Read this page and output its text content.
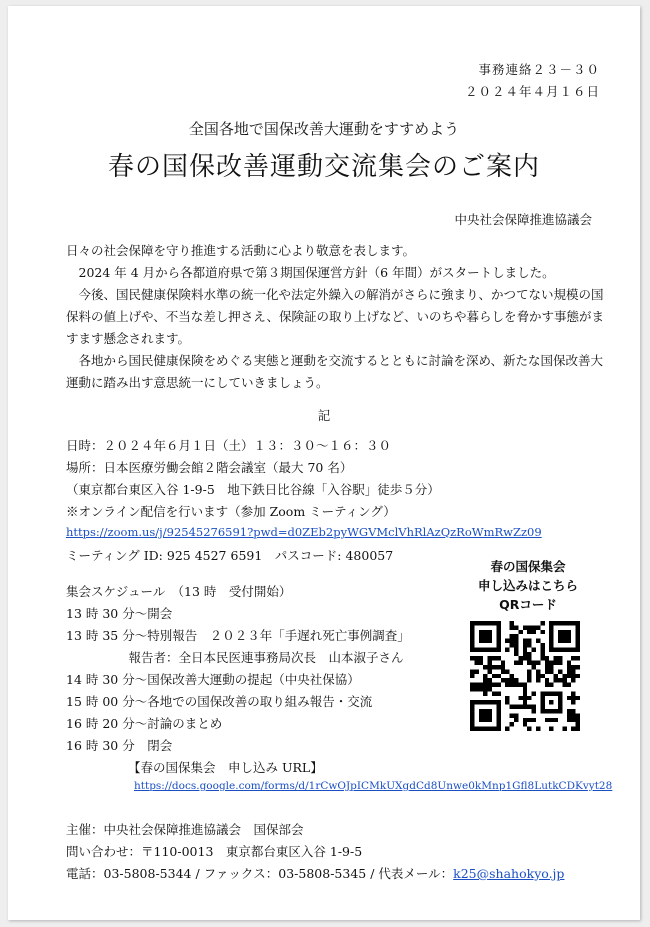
事務連絡２３－３０
２０２４年４月１６日
全国各地で国保改善大運動をすすめよう
春の国保改善運動交流集会のご案内
中央社会保障推進協議会
日々の社会保障を守り推進する活動に心より敬意を表します。
　2024 年 4 月から各都道府県で第３期国保運営方針（6 年間）がスタートしました。
　今後、国民健康保険料水準の統一化や法定外繰入の解消がさらに強まり、かつてない規模の国保料の値上げや、不当な差し押さえ、保険証の取り上げなど、いのちや暮らしを脅かす事態がますます懸念されます。
　各地から国民健康保険をめぐる実態と運動を交流するとともに討論を深め、新たな国保改善大運動に踏み出す意思統一にしていきましょう。
記
日時：２０２４年６月１日（土）１３：３０～１６：３０
場所：日本医療労働会館２階会議室（最大 70 名）
（東京都台東区入谷 1-9-5　地下鉄日比谷線「入谷駅」徒歩５分）
※オンライン配信を行います（参加 Zoom ミーティング）
https://zoom.us/j/92545276591?pwd=d0ZEb2pyWGVMclVhRlAzQzRoWmRwZz09
ミーティング ID: 925 4527 6591　パスコード: 480057
集会スケジュール　（13 時　受付開始）
13 時 30 分～開会
13 時 35 分～特別報告　２０２３年「手遅れ死亡事例調査」
　　　　　報告者：全日本民医連事務局次長　山本淑子さん
14 時 30 分～国保改善大運動の提起（中央社保協）
15 時 00 分～各地での国保改善の取り組み報告・交流
16 時 20 分～討論のまとめ
16 時 30 分　閉会
【春の国保集会　申し込み URL】
https://docs.google.com/forms/d/1rCwOJpICMkUXgdCd8Unwe0kMnp1Gfl8LutkCDKvyt28
春の国保集会
申し込みはこちら
QRコード
主催：中央社会保障推進協議会　国保部会
問い合わせ：〒110-0013　東京都台東区入谷 1-9-5
電話：03-5808-5344 / ファックス：03-5808-5345 / 代表メール：k25@shahokyo.jp
